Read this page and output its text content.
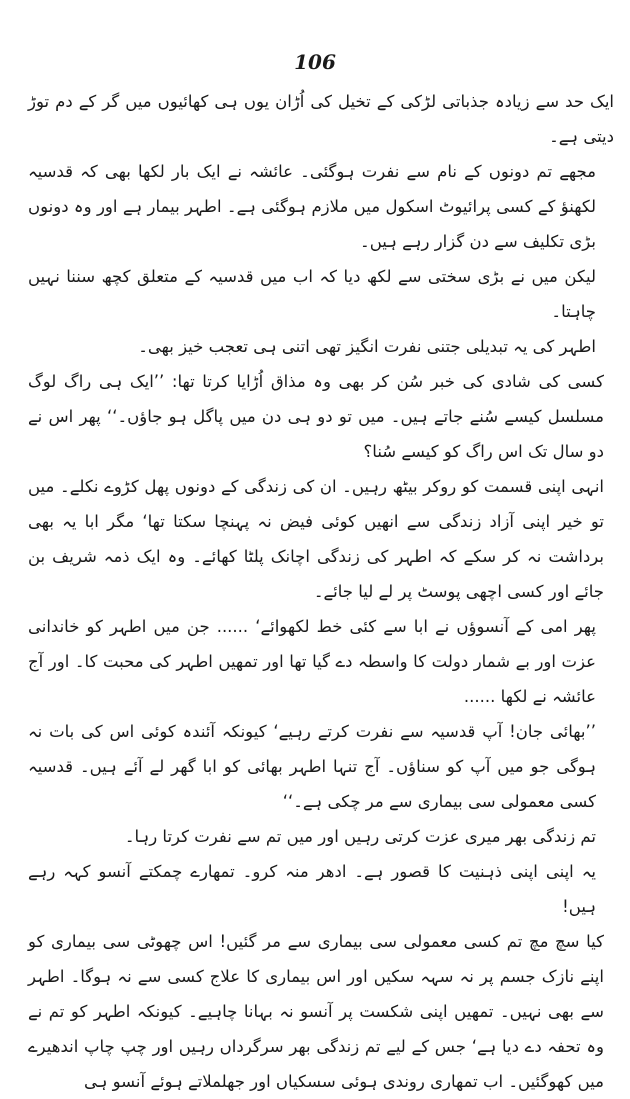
106

ایک حد سے زیادہ جذباتی لڑکی کے تخیل کی اُڑان یوں ہی کھائیوں میں گر کے دم توڑ دیتی ہے۔

مجھے تم دونوں کے نام سے نفرت ہوگئی۔ عائشہ نے ایک بار لکھا بھی کہ قدسیہ لکھنؤ کے کسی پرائیوٹ اسکول میں ملازم ہوگئی ہے۔ اطہر بیمار ہے اور وہ دونوں بڑی تکلیف سے دن گزار رہے ہیں۔

لیکن میں نے بڑی سختی سے لکھ دیا کہ اب میں قدسیہ کے متعلق کچھ سننا نہیں چاہتا۔

اطہر کی یہ تبدیلی جتنی نفرت انگیز تھی اتنی ہی تعجب خیز بھی۔

کسی کی شادی کی خبر سُن کر بھی وہ مذاق اُڑایا کرتا تھا: ’’ایک ہی راگ لوگ مسلسل کیسے سُنے جاتے ہیں۔ میں تو دو ہی دن میں پاگل ہو جاؤں۔‘‘ پھر اس نے دو سال تک اس راگ کو کیسے سُنا؟

انہی اپنی قسمت کو روکر بیٹھ رہیں۔ ان کی زندگی کے دونوں پھل کڑوے نکلے۔ میں تو خیر اپنی آزاد زندگی سے انھیں کوئی فیض نہ پہنچا سکتا تھا‘ مگر ابا یہ بھی برداشت نہ کر سکے کہ اطہر کی زندگی اچانک پلٹا کھائے۔ وہ ایک ذمہ شریف بن جائے اور کسی اچھی پوسٹ پر لے لیا جائے۔

پھر امی کے آنسوؤں نے ابا سے کئی خط لکھوائے‘ ...... جن میں اطہر کو خاندانی عزت اور بے شمار دولت کا واسطہ دے گیا تھا اور تمھیں اطہر کی محبت کا۔ اور آج عائشہ نے لکھا ......

’’بھائی جان! آپ قدسیہ سے نفرت کرتے رہیے‘ کیونکہ آئندہ کوئی اس کی بات نہ ہوگی جو میں آپ کو سناؤں۔ آج تنہا اطہر بھائی کو ابا گھر لے آئے ہیں۔ قدسیہ کسی معمولی سی بیماری سے مر چکی ہے۔‘‘

تم زندگی بھر میری عزت کرتی رہیں اور میں تم سے نفرت کرتا رہا۔

یہ اپنی اپنی ذہنیت کا قصور ہے۔ ادھر منہ کرو۔ تمھارے چمکتے آنسو کہہ رہے ہیں!

کیا سچ مچ تم کسی معمولی سی بیماری سے مر گئیں! اس چھوٹی سی بیماری کو اپنے نازک جسم پر نہ سہہ سکیں اور اس بیماری کا علاج کسی سے نہ ہوگا۔ اطہر سے بھی نہیں۔ تمھیں اپنی شکست پر آنسو نہ بہانا چاہیے۔ کیونکہ اطہر کو تم نے وہ تحفہ دے دیا ہے‘ جس کے لیے تم زندگی بھر سرگرداں رہیں اور چپ چاپ اندھیرے میں کھوگئیں۔ اب تمھاری روندی ہوئی سسکیاں اور جھلملاتے ہوئے آنسو ہی
